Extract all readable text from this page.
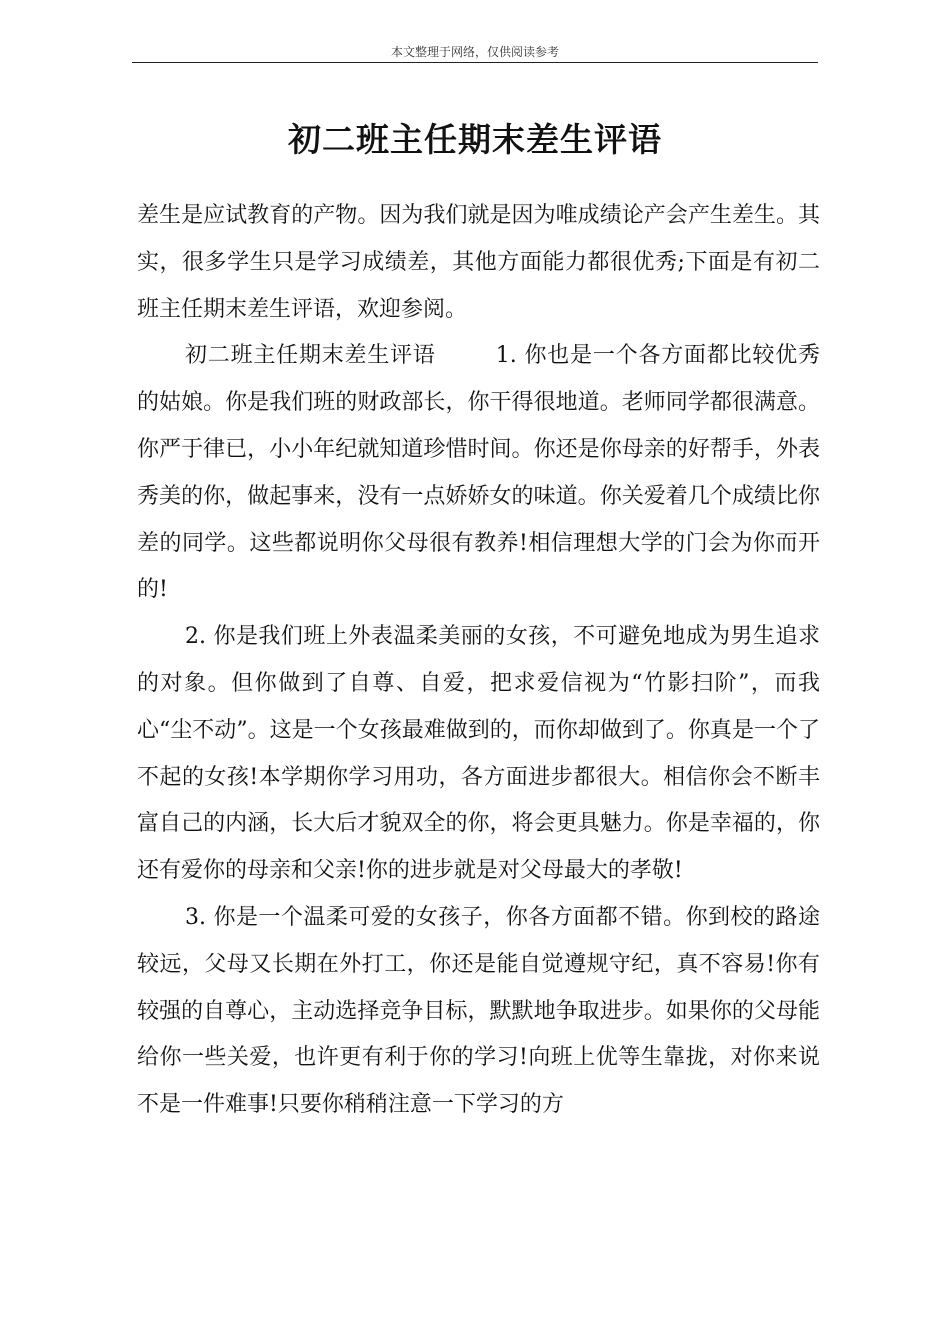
本文整理于网络，仅供阅读参考
初二班主任期末差生评语

差生是应试教育的产物。因为我们就是因为唯成绩论产会产生差生。其实，很多学生只是学习成绩差，其他方面能力都很优秀;下面是有初二班主任期末差生评语，欢迎参阅。

初二班主任期末差生评语	1. 你也是一个各方面都比较优秀的姑娘。你是我们班的财政部长，你干得很地道。老师同学都很满意。你严于律已，小小年纪就知道珍惜时间。你还是你母亲的好帮手，外表秀美的你，做起事来，没有一点娇娇女的味道。你关爱着几个成绩比你差的同学。这些都说明你父母很有教养!相信理想大学的门会为你而开的!

2. 你是我们班上外表温柔美丽的女孩，不可避免地成为男生追求的对象。但你做到了自尊、自爱，把求爱信视为“竹影扫阶”，而我心“尘不动”。这是一个女孩最难做到的，而你却做到了。你真是一个了不起的女孩!本学期你学习用功，各方面进步都很大。相信你会不断丰富自己的内涵，长大后才貌双全的你，将会更具魅力。你是幸福的，你还有爱你的母亲和父亲!你的进步就是对父母最大的孝敬!

3. 你是一个温柔可爱的女孩子，你各方面都不错。你到校的路途较远，父母又长期在外打工，你还是能自觉遵规守纪，真不容易!你有较强的自尊心，主动选择竞争目标，默默地争取进步。如果你的父母能给你一些关爱，也许更有利于你的学习!向班上优等生靠拢，对你来说不是一件难事!只要你稍稍注意一下学习的方
